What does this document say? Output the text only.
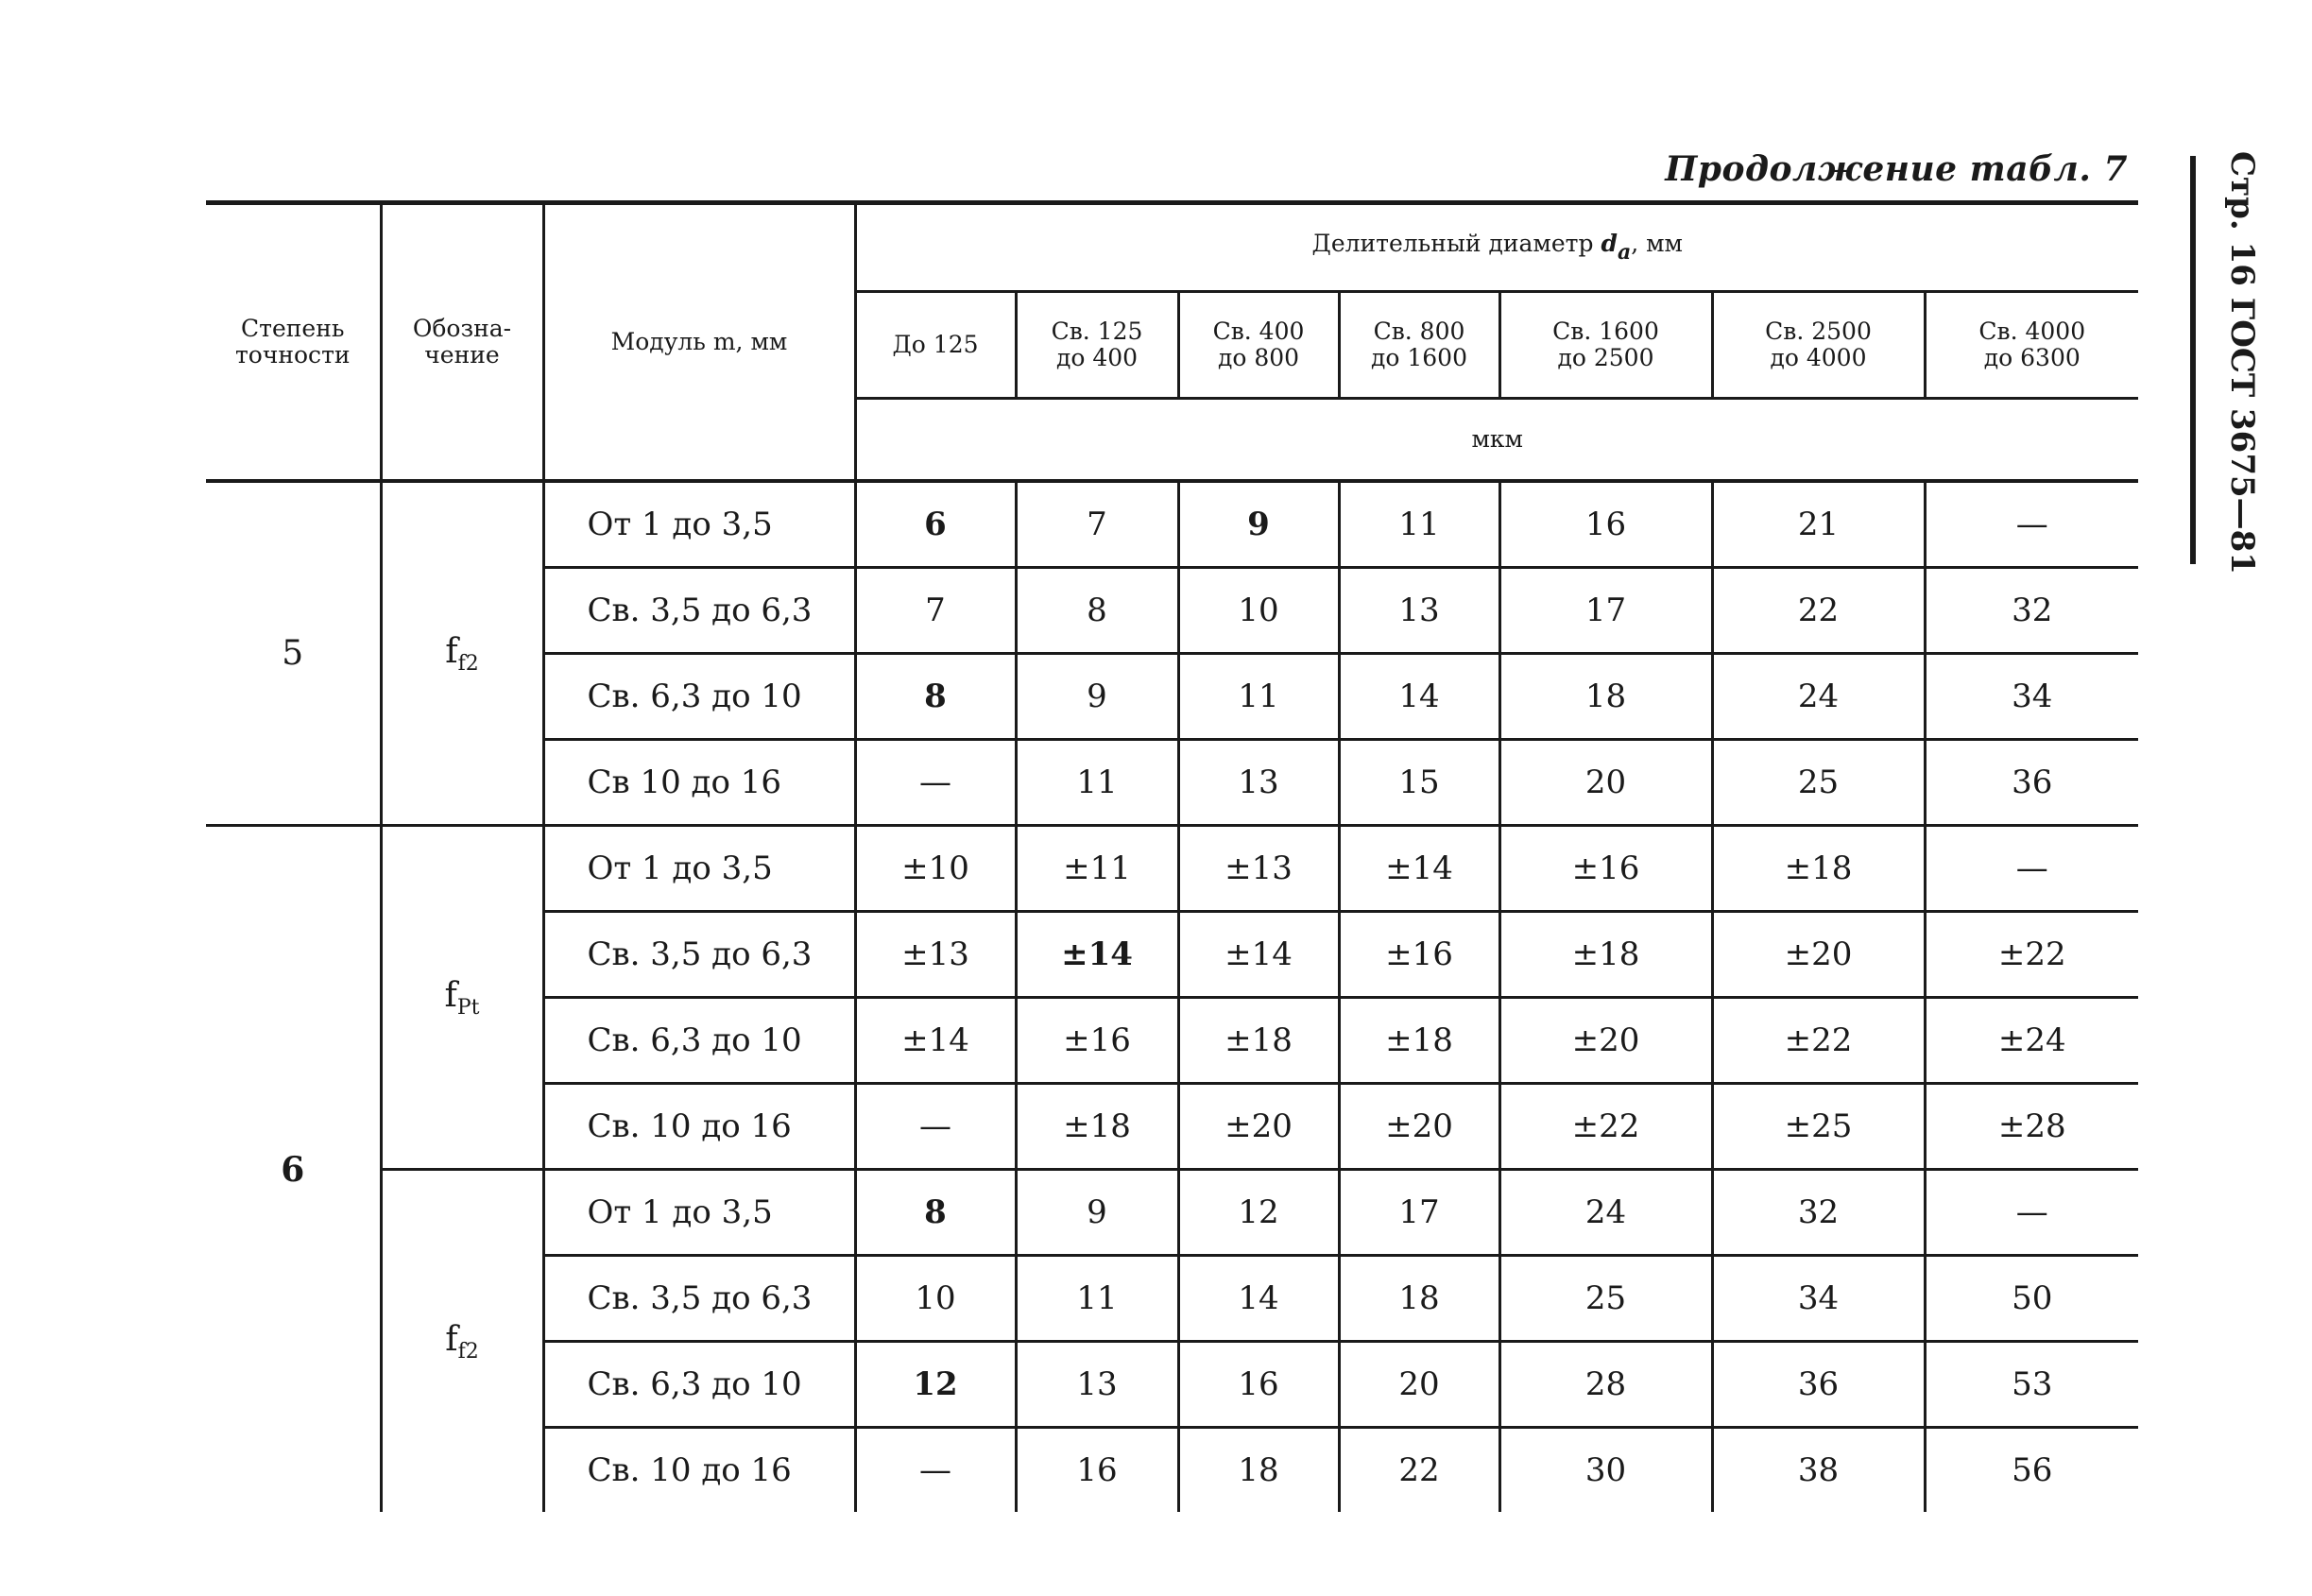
Продолжение табл. 7	Стр. 16 ГОСТ 3675—81
Степень точности	Обозна- чение	Модуль m, мм	Делительный диаметр da, мм						
			До 125	Св. 125 до 400	Св. 400 до 800	Св. 800 до 1600	Св. 1600 до 2500	Св. 2500 до 4000	Св. 4000 до 6300
			мкм						
5	$f_{f2}$	От 1 до 3,5	6	7	9	11	16	21	—
		Св. 3,5 до 6,3	7	8	10	13	17	22	32
		Св. 6,3 до 10	8	9	11	14	18	24	34
		Св 10 до 16	—	11	13	15	20	25	36
6	$f_{Pt}$	От 1 до 3,5	±10	±11	±13	±14	±16	±18	—
		Св. 3,5 до 6,3	±13	±14	±14	±16	±18	±20	±22
		Св. 6,3 до 10	±14	±16	±18	±18	±20	±22	±24
		Св. 10 до 16	—	±18	±20	±20	±22	±25	±28
	$f_{f2}$	От 1 до 3,5	8	9	12	17	24	32	—
		Св. 3,5 до 6,3	10	11	14	18	25	34	50
		Св. 6,3 до 10	12	13	16	20	28	36	53
		Св. 10 до 16	—	16	18	22	30	38	56
